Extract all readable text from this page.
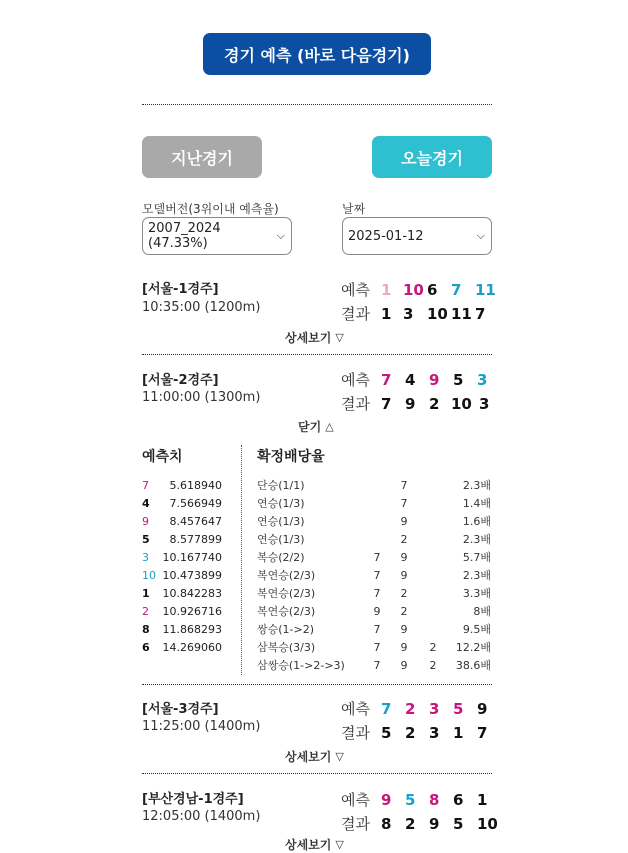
경기 예측 (바로 다음경기)
지난경기	오늘경기
모델버전(3위이내 예측율)
2007_2024 (47.33%)
⌵
날짜
2025-01-12	⌵
[서울-1경주]
10:35:00 (1200m)
예측 1 10 6 7 11
결과 1 3 10 11 7
상세보기 ▽
[서울-2경주]
11:00:00 (1300m)
예측 7 4 9 5 3
결과 7 9 2 10 3
닫기 △
예측치	확정배당율
7 5.618940
4 7.566949
9 8.457647
5 8.577899
3 10.167740
10 10.473899
1 10.842283
2 10.926716
8 11.868293
6 14.269060
단승(1/1)	7	2.3배
연승(1/3)	7	1.4배
연승(1/3)	9	1.6배
연승(1/3)	2	2.3배
복승(2/2)	7	9	5.7배
복연승(2/3)	7	9	2.3배
복연승(2/3)	7	2	3.3배
복연승(2/3)	9	2	8배
쌍승(1->2)	7	9	9.5배
삼복승(3/3)	7	9	2	12.2배
삼쌍승(1->2->3)	7	9	2	38.6배
[서울-3경주]
11:25:00 (1400m)
예측 7 2 3 5 9
결과 5 2 3 1 7
상세보기 ▽
[부산경남-1경주]
12:05:00 (1400m)
예측 9 5 8 6 1
결과 8 2 9 5 10
상세보기 ▽
